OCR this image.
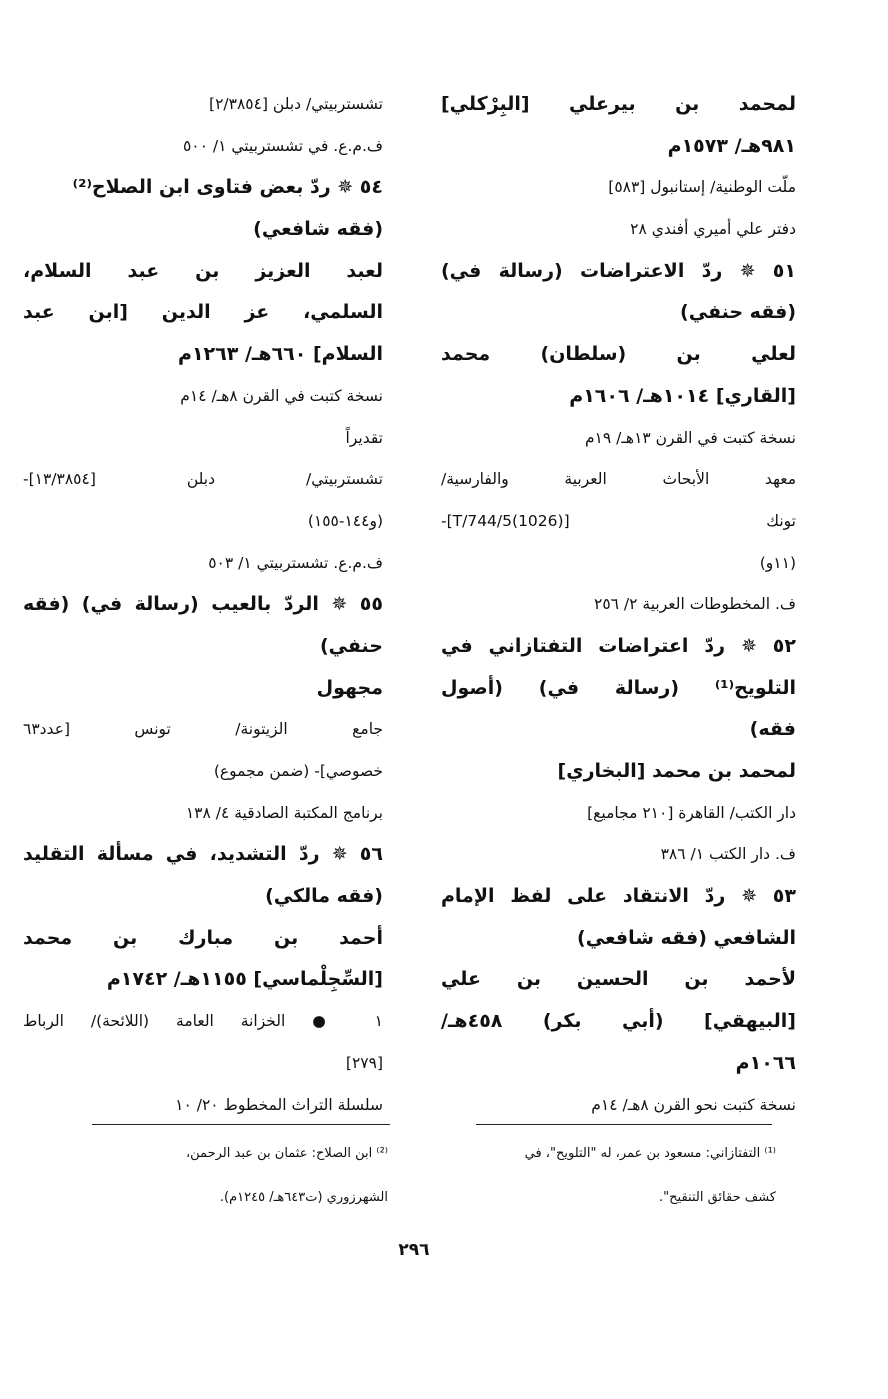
لمحمد بن بيرعلي [البِرْكلي]
٩٨١هـ/ ١٥٧٣م
ملّت الوطنية/ إستانبول [٥٨٣]
دفتر علي أميري أفندي ٢٨
٥١ ✵ ردّ الاعتراضات (رسالة في)
(فقه حنفي)
لعلي بن (سلطان) محمد
[القاري] ١٠١٤هـ/ ١٦٠٦م
نسخة كتبت في القرن ١٣هـ/ ١٩م
معهد الأبحاث العربية والفارسية/
تونك [(1026)T/744/5]-
(١١و)
ف. المخطوطات العربية ٢/ ٢٥٦
٥٢ ✵ ردّ اعتراضات التفتازاني في
التلويح⁽¹⁾ (رسالة في) (أصول
فقه)
لمحمد بن محمد [البخاري]
دار الكتب/ القاهرة [٢١٠ مجاميع]
ف. دار الكتب ١/ ٣٨٦
٥٣ ✵ ردّ الانتقاد على لفظ الإمام
الشافعي (فقه شافعي)
لأحمد بن الحسين بن علي
[البيهقي] (أبي بكر) ٤٥٨هـ/
١٠٦٦م
نسخة كتبت نحو القرن ٨هـ/ ١٤م
تشستربيتي/ دبلن [٢/٣٨٥٤]
ف.م.ع. في تشستربيتي ١/ ٥٠٠
٥٤ ✵ ردّ بعض فتاوى ابن الصلاح⁽²⁾
(فقه شافعي)
لعبد العزيز بن عبد السلام،
السلمي، عز الدين [ابن عبد
السلام] ٦٦٠هـ/ ١٢٦٣م
نسخة كتبت في القرن ٨هـ/ ١٤م
تقديراً
تشستربيتي/ دبلن [١٣/٣٨٥٤]-
(و١٤٤-١٥٥)
ف.م.ع. تشستربيتي ١/ ٥٠٣
٥٥ ✵ الردّ بالعيب (رسالة في) (فقه
حنفي)
مجهول
جامع الزيتونة/ تونس [عدد٦٣
خصوصي]- (ضمن مجموع)
برنامج المكتبة الصادقية ٤/ ١٣٨
٥٦ ✵ ردّ التشديد، في مسألة التقليد
(فقه مالكي)
أحمد بن مبارك بن محمد
[السِّجِلْماسي] ١١٥٥هـ/ ١٧٤٢م
١ ● الخزانة العامة (اللائحة)/ الرباط
[٢٧٩]
سلسلة التراث المخطوط ٢٠/ ١٠
⁽¹⁾ التفتازاني: مسعود بن عمر، له "التلويح"، في
كشف حقائق التنقيح".
⁽²⁾ ابن الصلاح: عثمان بن عبد الرحمن،
الشهرزوري (ت٦٤٣هـ/ ١٢٤٥م).
٢٩٦
